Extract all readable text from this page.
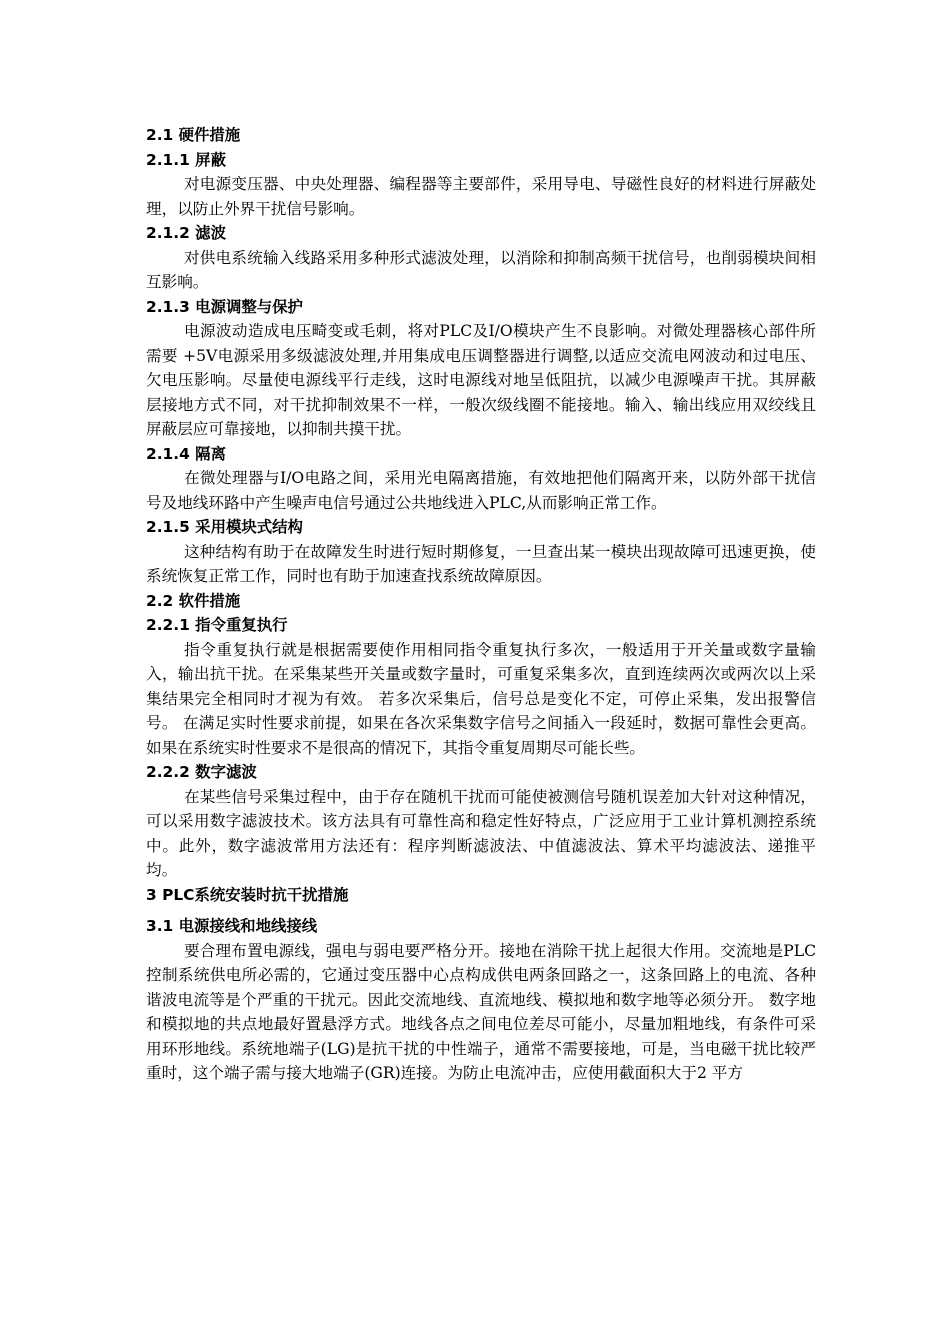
2.1 硬件措施
2.1.1 屏蔽

对电源变压器、中央处理器、编程器等主要部件，采用导电、导磁性良好的材料进行屏蔽处理，以防止外界干扰信号影响。

2.1.2 滤波

对供电系统输入线路采用多种形式滤波处理，以消除和抑制高频干扰信号，也削弱模块间相互影响。

2.1.3 电源调整与保护

电源波动造成电压畸变或毛刺，将对PLC及I/O模块产生不良影响。对微处理器核心部件所需要 +5V电源采用多级滤波处理,并用集成电压调整器进行调整,以适应交流电网波动和过电压、欠电压影响。尽量使电源线平行走线，这时电源线对地呈低阻抗，以减少电源噪声干扰。其屏蔽层接地方式不同，对干扰抑制效果不一样，一般次级线圈不能接地。输入、输出线应用双绞线且屏蔽层应可靠接地，以抑制共摸干扰。

2.1.4 隔离

在微处理器与I/O电路之间，采用光电隔离措施，有效地把他们隔离开来，以防外部干扰信号及地线环路中产生噪声电信号通过公共地线进入PLC,从而影响正常工作。

2.1.5 采用模块式结构

这种结构有助于在故障发生时进行短时期修复，一旦查出某一模块出现故障可迅速更换，使系统恢复正常工作，同时也有助于加速查找系统故障原因。

2.2 软件措施
2.2.1 指令重复执行

指令重复执行就是根据需要使作用相同指令重复执行多次，一般适用于开关量或数字量输入，输出抗干扰。在采集某些开关量或数字量时，可重复采集多次，直到连续两次或两次以上采集结果完全相同时才视为有效。 若多次采集后，信号总是变化不定，可停止采集，发出报警信号。 在满足实时性要求前提，如果在各次采集数字信号之间插入一段延时，数据可靠性会更高。如果在系统实时性要求不是很高的情况下，其指令重复周期尽可能长些。

2.2.2 数字滤波

在某些信号采集过程中，由于存在随机干扰而可能使被测信号随机误差加大针对这种情况，可以采用数字滤波技术。该方法具有可靠性高和稳定性好特点，广泛应用于工业计算机测控系统中。此外，数字滤波常用方法还有：程序判断滤波法、中值滤波法、算术平均滤波法、递推平均。

3 PLC系统安装时抗干扰措施
3.1 电源接线和地线接线

要合理布置电源线，强电与弱电要严格分开。接地在消除干扰上起很大作用。交流地是PLC控制系统供电所必需的，它通过变压器中心点构成供电两条回路之一，这条回路上的电流、各种谐波电流等是个严重的干扰元。因此交流地线、直流地线、模拟地和数字地等必须分开。 数字地和模拟地的共点地最好置悬浮方式。地线各点之间电位差尽可能小，尽量加粗地线，有条件可采用环形地线。系统地端子(LG)是抗干扰的中性端子，通常不需要接地，可是，当电磁干扰比较严重时，这个端子需与接大地端子(GR)连接。为防止电流冲击，应使用截面积大于2 平方
